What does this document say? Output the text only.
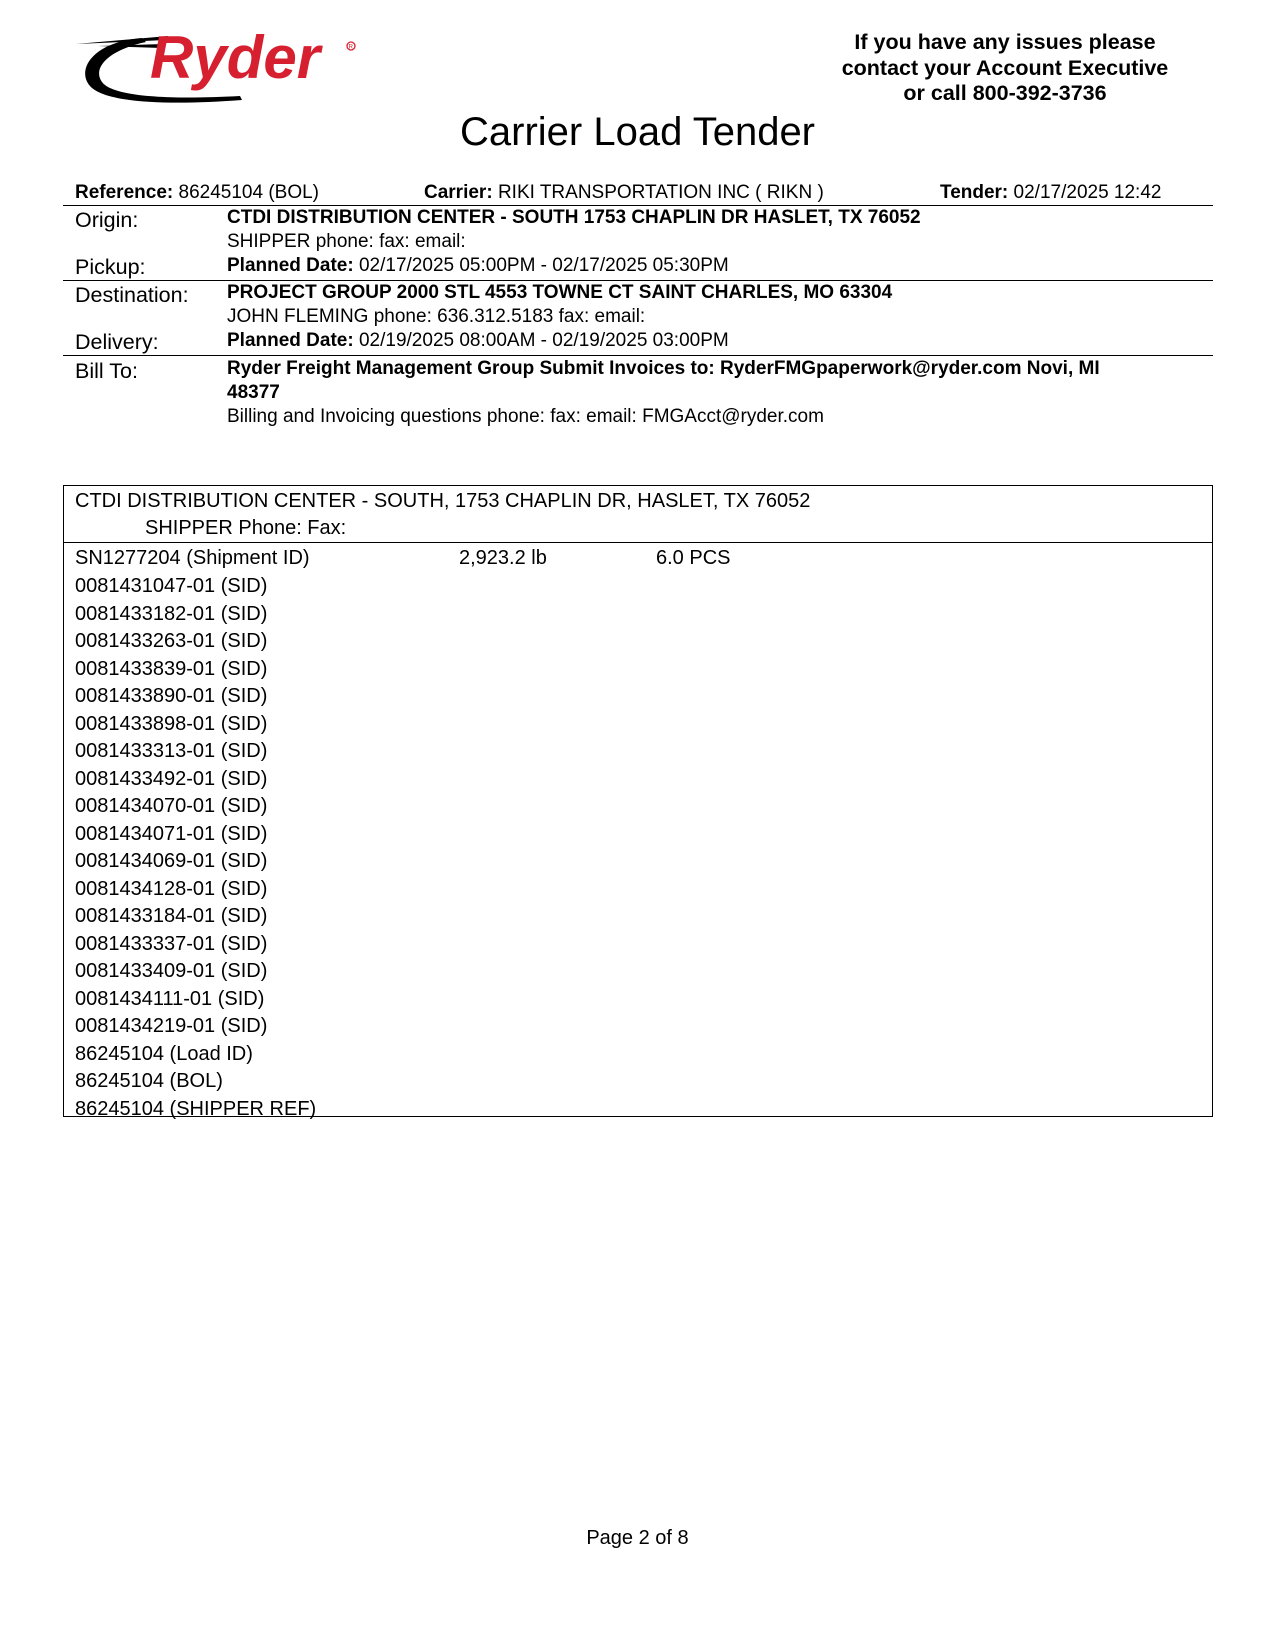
Ryder	R	If you have any issues please
contact your Account Executive
or call 800-392-3736
Carrier Load Tender
Reference: 86245104 (BOL)	Carrier: RIKI TRANSPORTATION INC ( RIKN )	Tender: 02/17/2025 12:42
Origin:	CTDI DISTRIBUTION CENTER - SOUTH 1753 CHAPLIN DR HASLET, TX 76052
SHIPPER phone: fax: email:
Pickup:	Planned Date: 02/17/2025 05:00PM - 02/17/2025 05:30PM
Destination: PROJECT GROUP 2000 STL 4553 TOWNE CT SAINT CHARLES, MO 63304
JOHN FLEMING phone: 636.312.5183 fax: email:
Delivery:	Planned Date: 02/19/2025 08:00AM - 02/19/2025 03:00PM
Bill To:	Ryder Freight Management Group Submit Invoices to: RyderFMGpaperwork@ryder.com Novi, MI
48377
Billing and Invoicing questions phone: fax: email: FMGAcct@ryder.com
CTDI DISTRIBUTION CENTER - SOUTH, 1753 CHAPLIN DR, HASLET, TX 76052
SHIPPER Phone: Fax:
SN1277204 (Shipment ID)	2,923.2 lb	6.0 PCS
0081431047-01 (SID)
0081433182-01 (SID)
0081433263-01 (SID)
0081433839-01 (SID)
0081433890-01 (SID)
0081433898-01 (SID)
0081433313-01 (SID)
0081433492-01 (SID)
0081434070-01 (SID)
0081434071-01 (SID)
0081434069-01 (SID)
0081434128-01 (SID)
0081433184-01 (SID)
0081433337-01 (SID)
0081433409-01 (SID)
0081434111-01 (SID)
0081434219-01 (SID)
86245104 (Load ID)
86245104 (BOL)
86245104 (SHIPPER REF)
Page 2 of 8
